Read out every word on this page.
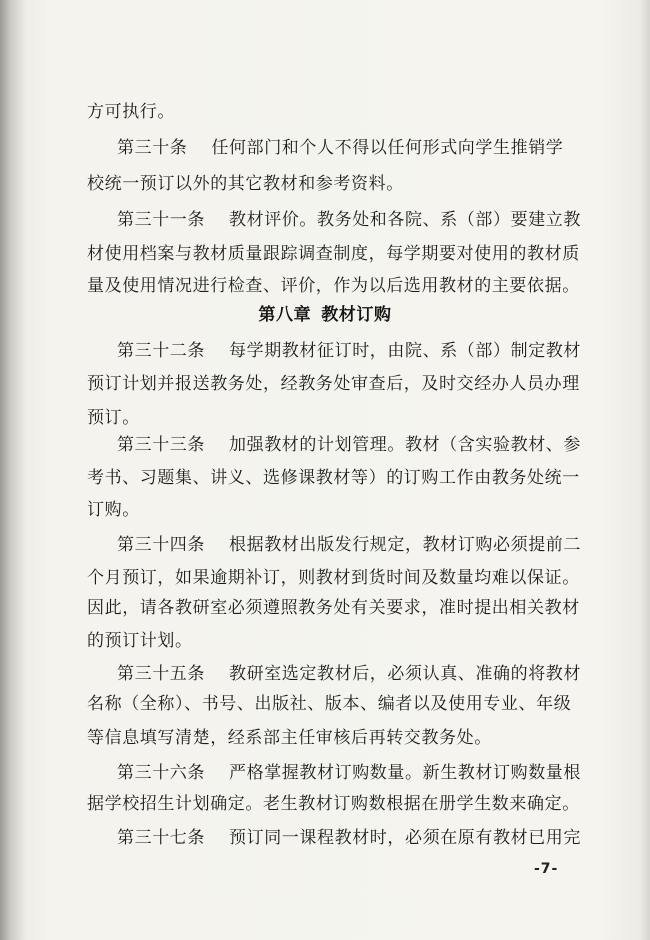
方可执行。
第三十条 任何部门和个人不得以任何形式向学生推销学
校统一预订以外的其它教材和参考资料。
第三十一条 教材评价。教务处和各院、系（部）要建立教
材使用档案与教材质量跟踪调查制度，每学期要对使用的教材质
量及使用情况进行检查、评价，作为以后选用教材的主要依据。
第八章 教材订购
第三十二条 每学期教材征订时，由院、系（部）制定教材
预订计划并报送教务处，经教务处审查后，及时交经办人员办理
预订。
第三十三条 加强教材的计划管理。教材（含实验教材、参
考书、习题集、讲义、选修课教材等）的订购工作由教务处统一
订购。
第三十四条 根据教材出版发行规定，教材订购必须提前二
个月预订，如果逾期补订，则教材到货时间及数量均难以保证。
因此，请各教研室必须遵照教务处有关要求，准时提出相关教材
的预订计划。
第三十五条 教研室选定教材后，必须认真、准确的将教材
名称（全称）、书号、出版社、版本、编者以及使用专业、年级
等信息填写清楚，经系部主任审核后再转交教务处。
第三十六条 严格掌握教材订购数量。新生教材订购数量根
据学校招生计划确定。老生教材订购数根据在册学生数来确定。
第三十七条 预订同一课程教材时，必须在原有教材已用完
-7-
